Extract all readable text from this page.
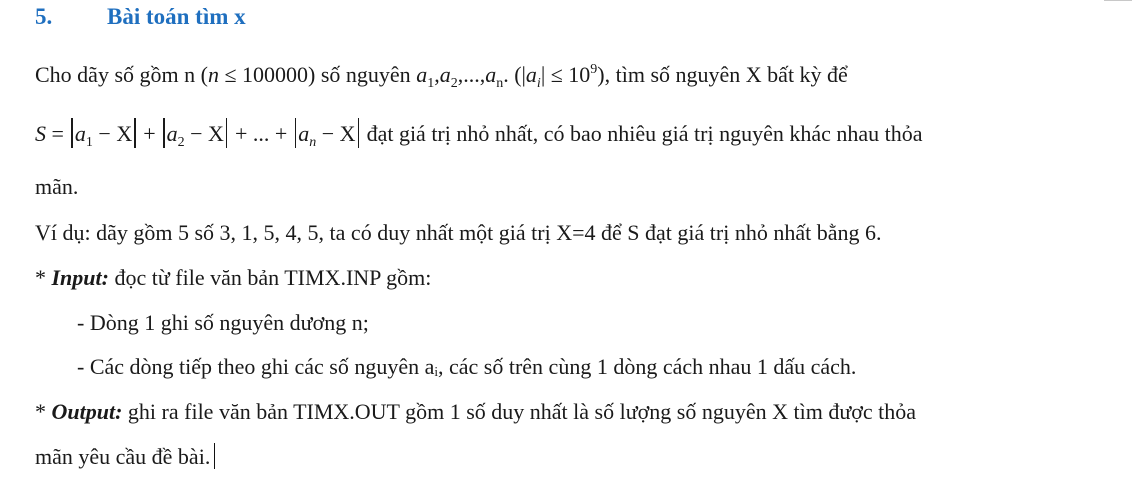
5. Bài toán tìm x
Cho dãy số gồm n (n ≤ 100000) số nguyên $a_1,a_2,...,a_n$. $(|a_i| \le 10^9)$, tìm số nguyên X bất kỳ để
$S = a_1 - X + a_2 - X$ + ... + $a_n - X$ đạt giá trị nhỏ nhất, có bao nhiêu giá trị nguyên khác nhau thỏa
mãn.
Ví dụ: dãy gồm 5 số 3, 1, 5, 4, 5, ta có duy nhất một giá trị X=4 để S đạt giá trị nhỏ nhất bằng 6.
* Input: đọc từ file văn bản TIMX.INP gồm:
- Dòng 1 ghi số nguyên dương n;
- Các dòng tiếp theo ghi các số nguyên aᵢ, các số trên cùng 1 dòng cách nhau 1 dấu cách.
* Output: ghi ra file văn bản TIMX.OUT gồm 1 số duy nhất là số lượng số nguyên X tìm được thỏa
mãn yêu cầu đề bài.
